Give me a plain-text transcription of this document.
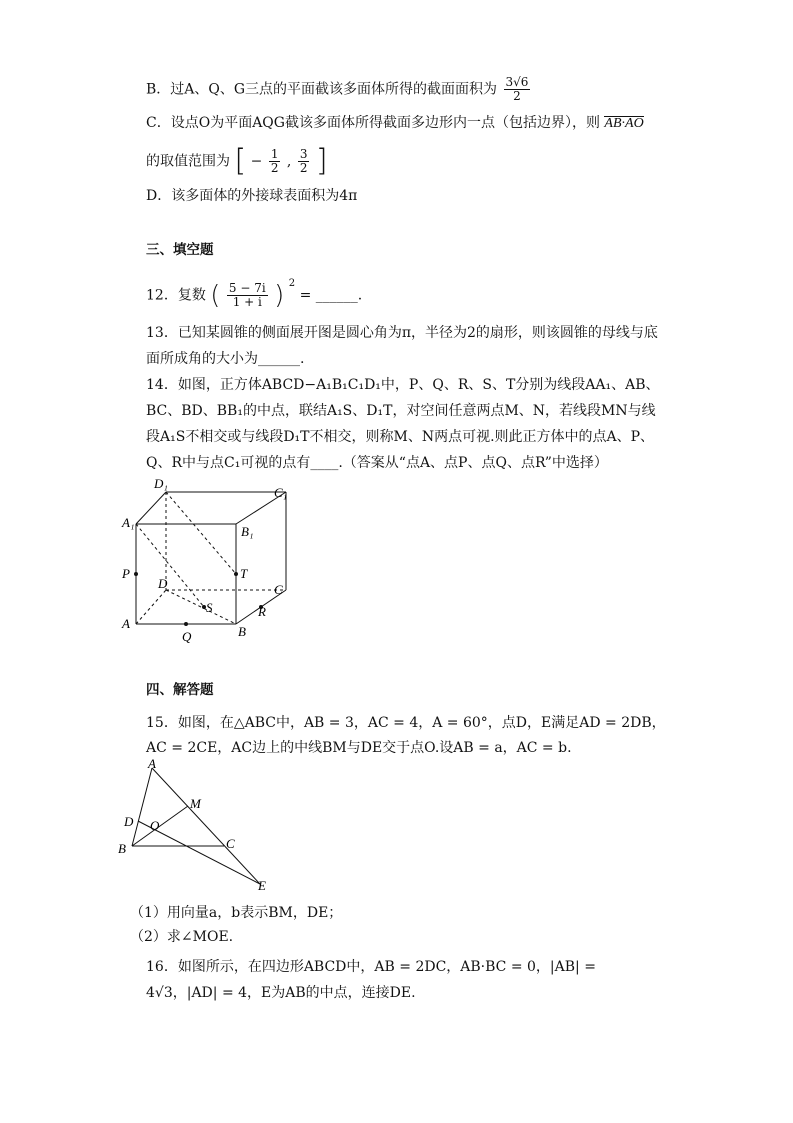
B．过A、Q、G三点的平面截该多面体所得的截面面积为 $\frac{3√6}{2}$
C．设点O为平面AQG截该多面体所得截面多边形内一点（包括边界），则 AB·AO
的取值范围为 [ − $\frac{1}{2}$ , $\frac{3}{2}$ ]
D．该多面体的外接球表面积为4π
三、填空题
12．复数 ( $\frac{5 - 7i}{1 + i}$ ) $^2$ = ______.
13．已知某圆锥的侧面展开图是圆心角为π，半径为2的扇形，则该圆锥的母线与底面所成角的大小为______.
14．如图，正方体ABCD−A₁B₁C₁D₁中，P、Q、R、S、T分别为线段AA₁、AB、BC、BD、BB₁的中点，联结A₁S、D₁T，对空间任意两点M、N，若线段MN与线段A₁S不相交或与线段D₁T不相交，则称M、N两点可视.则此正方体中的点A、P、Q、R中与点C₁可视的点有____.（答案从“点A、点P、点Q、点R”中选择）
D₁
C₁
A₁
B₁
P
D
T
C
S	R
A
Q	B
四、解答题
15．如图，在△ABC中，AB = 3，AC = 4，A = 60°，点D，E满足AD = 2DB，
AC = 2CE，AC边上的中线BM与DE交于点O.设AB = a，AC = b.
A
M
D O
B	C
E
（1）用向量a，b表示BM，DE；
（2）求∠MOE.
16．如图所示，在四边形ABCD中，AB = 2DC，AB·BC = 0，|AB| = 4√3，|AD| = 4，E为AB的中点，连接DE.
